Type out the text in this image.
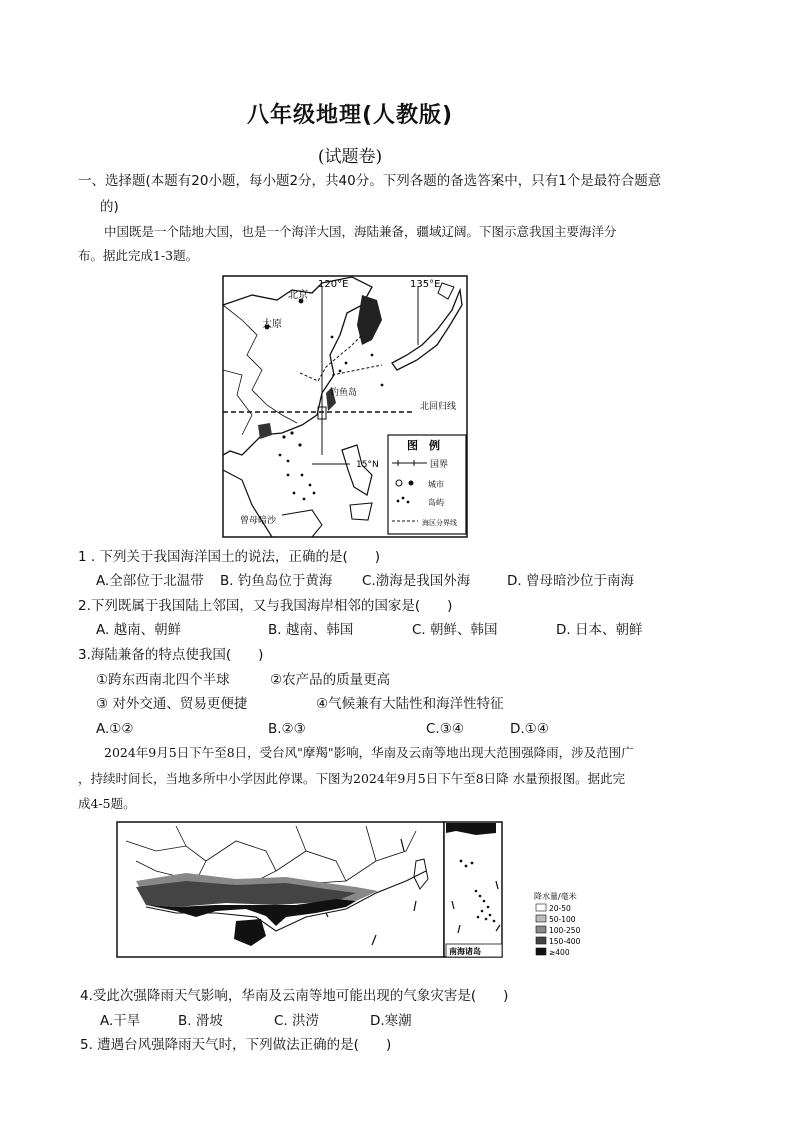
八年级地理(人教版)
(试题卷)
一、选择题(本题有20小题，每小题2分，共40分。下列各题的备选答案中，只有1个是最符合题意
的)
中国既是一个陆地大国，也是一个海洋大国，海陆兼备，疆域辽阔。下图示意我国主要海洋分
布。据此完成1-3题。
120°E	135°E
北京
太原
钓鱼岛
北回归线
15°N
曾母暗沙
图　例
国界
城市
岛屿
海区分界线
1 . 下列关于我国海洋国土的说法，正确的是(　　)
A.全部位于北温带 B. 钓鱼岛位于黄海 C.渤海是我国外海	D. 曾母暗沙位于南海
2.下列既属于我国陆上邻国，又与我国海岸相邻的国家是(　　)
A. 越南、朝鲜	B. 越南、韩国	C. 朝鲜、韩国	D. 日本、朝鲜
3.海陆兼备的特点使我国(　　)
①跨东西南北四个半球	②农产品的质量更高
③ 对外交通、贸易更便捷	④气候兼有大陆性和海洋性特征
A.①②	B.②③	C.③④	D.①④
2024年9月5日下午至8日，受台风"摩羯"影响，华南及云南等地出现大范围强降雨，涉及范围广
，持续时间长，当地多所中小学因此停课。下图为2024年9月5日下午至8日降 水量预报图。据此完
成4-5题。
南海诸岛
降水量/毫米
20-50
50-100
100-250
150-400
≥400
4.受此次强降雨天气影响，华南及云南等地可能出现的气象灾害是(　　)
A.干旱	B. 滑坡	C. 洪涝	D.寒潮
5. 遭遇台风强降雨天气时，下列做法正确的是(　　)
